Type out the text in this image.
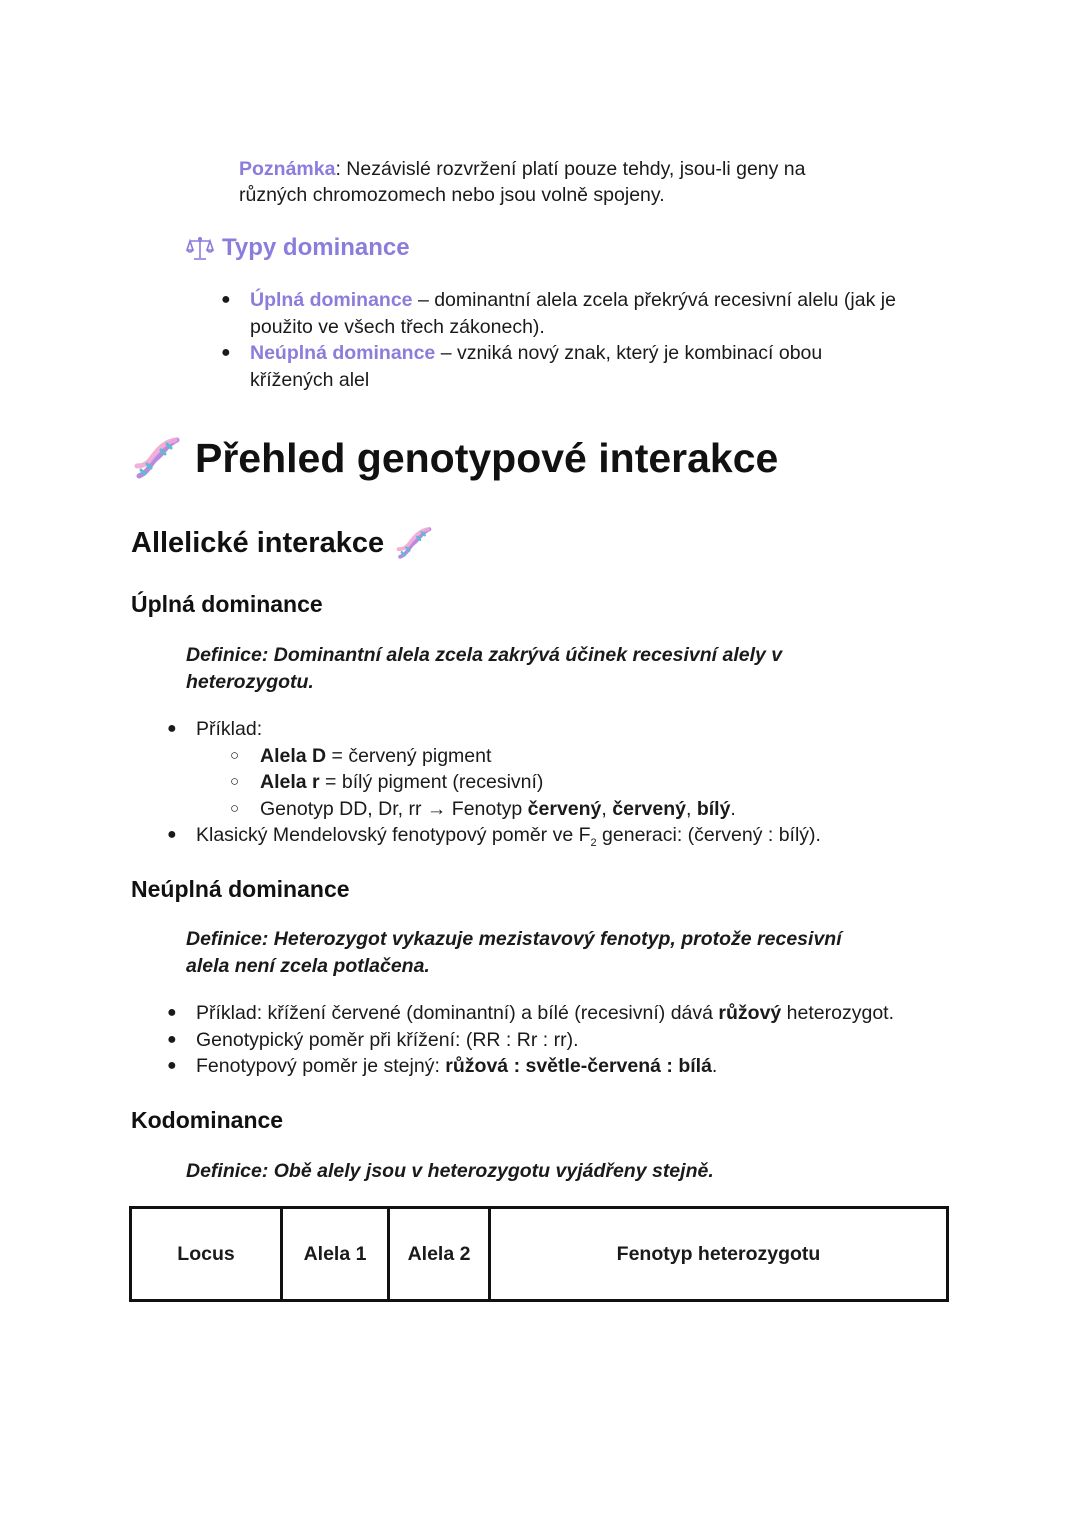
Poznámka: Nezávislé rozvržení platí pouze tehdy, jsou-li geny na různých chromozomech nebo jsou volně spojeny.
Typy dominance
● Úplná dominance – dominantní alela zcela překrývá recesivní alelu (jak je použito ve všech třech zákonech).
● Neúplná dominance – vzniká nový znak, který je kombinací obou křížených alel
Přehled genotypové interakce
Allelické interakce
Úplná dominance
Definice: Dominantní alela zcela zakrývá účinek recesivní alely v heterozygotu.
● Příklad:
○ Alela D = červený pigment
○ Alela r = bílý pigment (recesivní)
○ Genotyp DD, Dr, rr → Fenotyp červený, červený, bílý.
● Klasický Mendelovský fenotypový poměr ve $F_2$ generaci: (červený : bílý).
Neúplná dominance
Definice: Heterozygot vykazuje mezistavový fenotyp, protože recesivní alela není zcela potlačena.
● Příklad: křížení červené (dominantní) a bílé (recesivní) dává růžový heterozygot.
● Genotypický poměr při křížení: (RR : Rr : rr).
● Fenotypový poměr je stejný: růžová : světle-červená : bílá.
Kodominance
Definice: Obě alely jsou v heterozygotu vyjádřeny stejně.
Locus	Alela 1	Alela 2	Fenotyp heterozygotu
